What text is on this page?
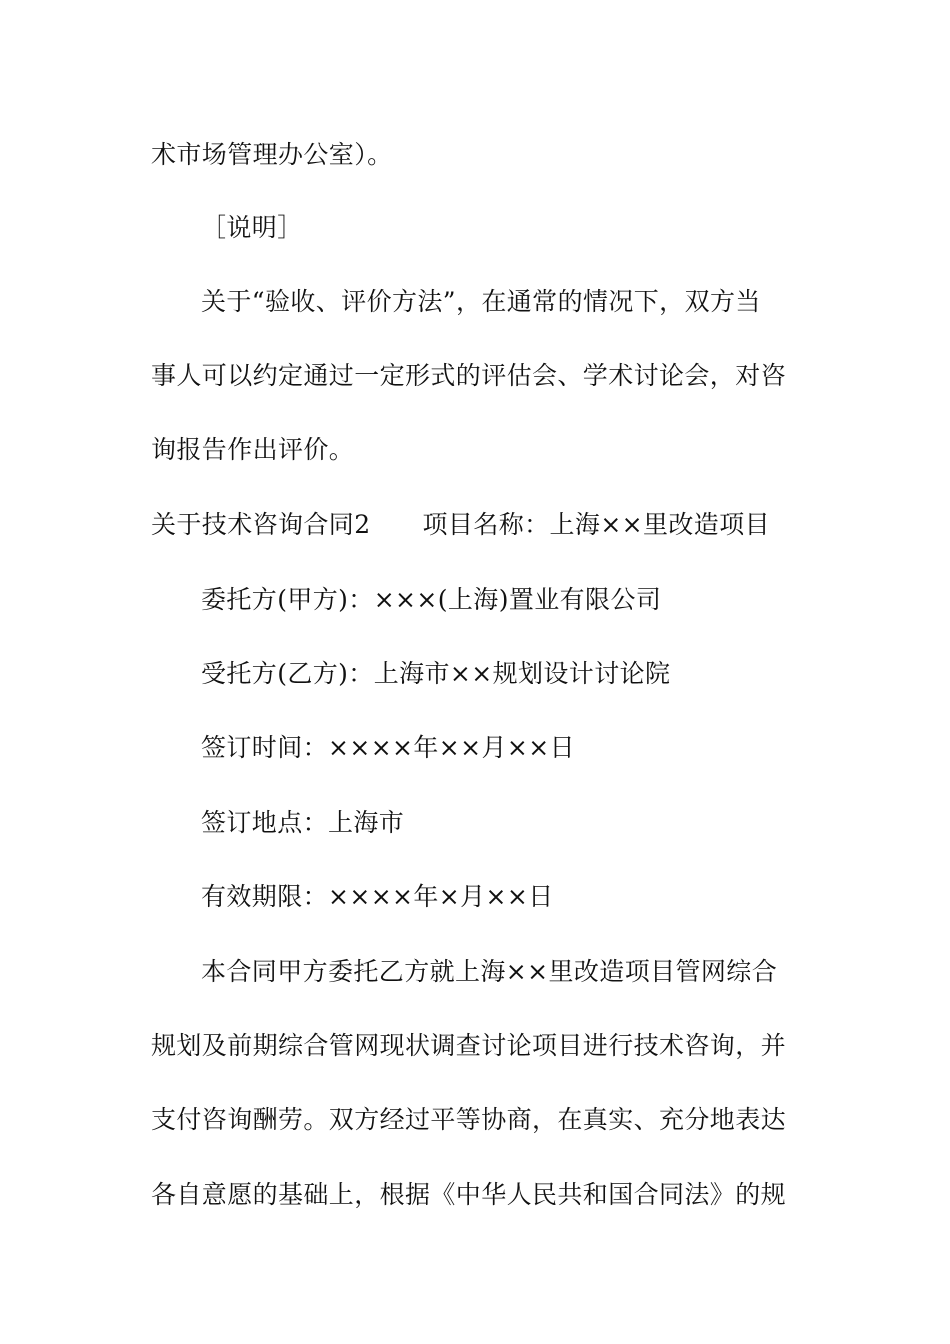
术市场管理办公室）。
［说明］
关于“验收、评价方法”，在通常的情况下，双方当
事人可以约定通过一定形式的评估会、学术讨论会，对咨
询报告作出评价。
关于技术咨询合同2 项目名称：上海××里改造项目
委托方(甲方)：×××(上海)置业有限公司
受托方(乙方)：上海市××规划设计讨论院
签订时间：××××年××月××日
签订地点：上海市
有效期限：××××年×月××日
本合同甲方委托乙方就上海××里改造项目管网综合
规划及前期综合管网现状调查讨论项目进行技术咨询，并
支付咨询酬劳。双方经过平等协商，在真实、充分地表达
各自意愿的基础上，根据《中华人民共和国合同法》的规
